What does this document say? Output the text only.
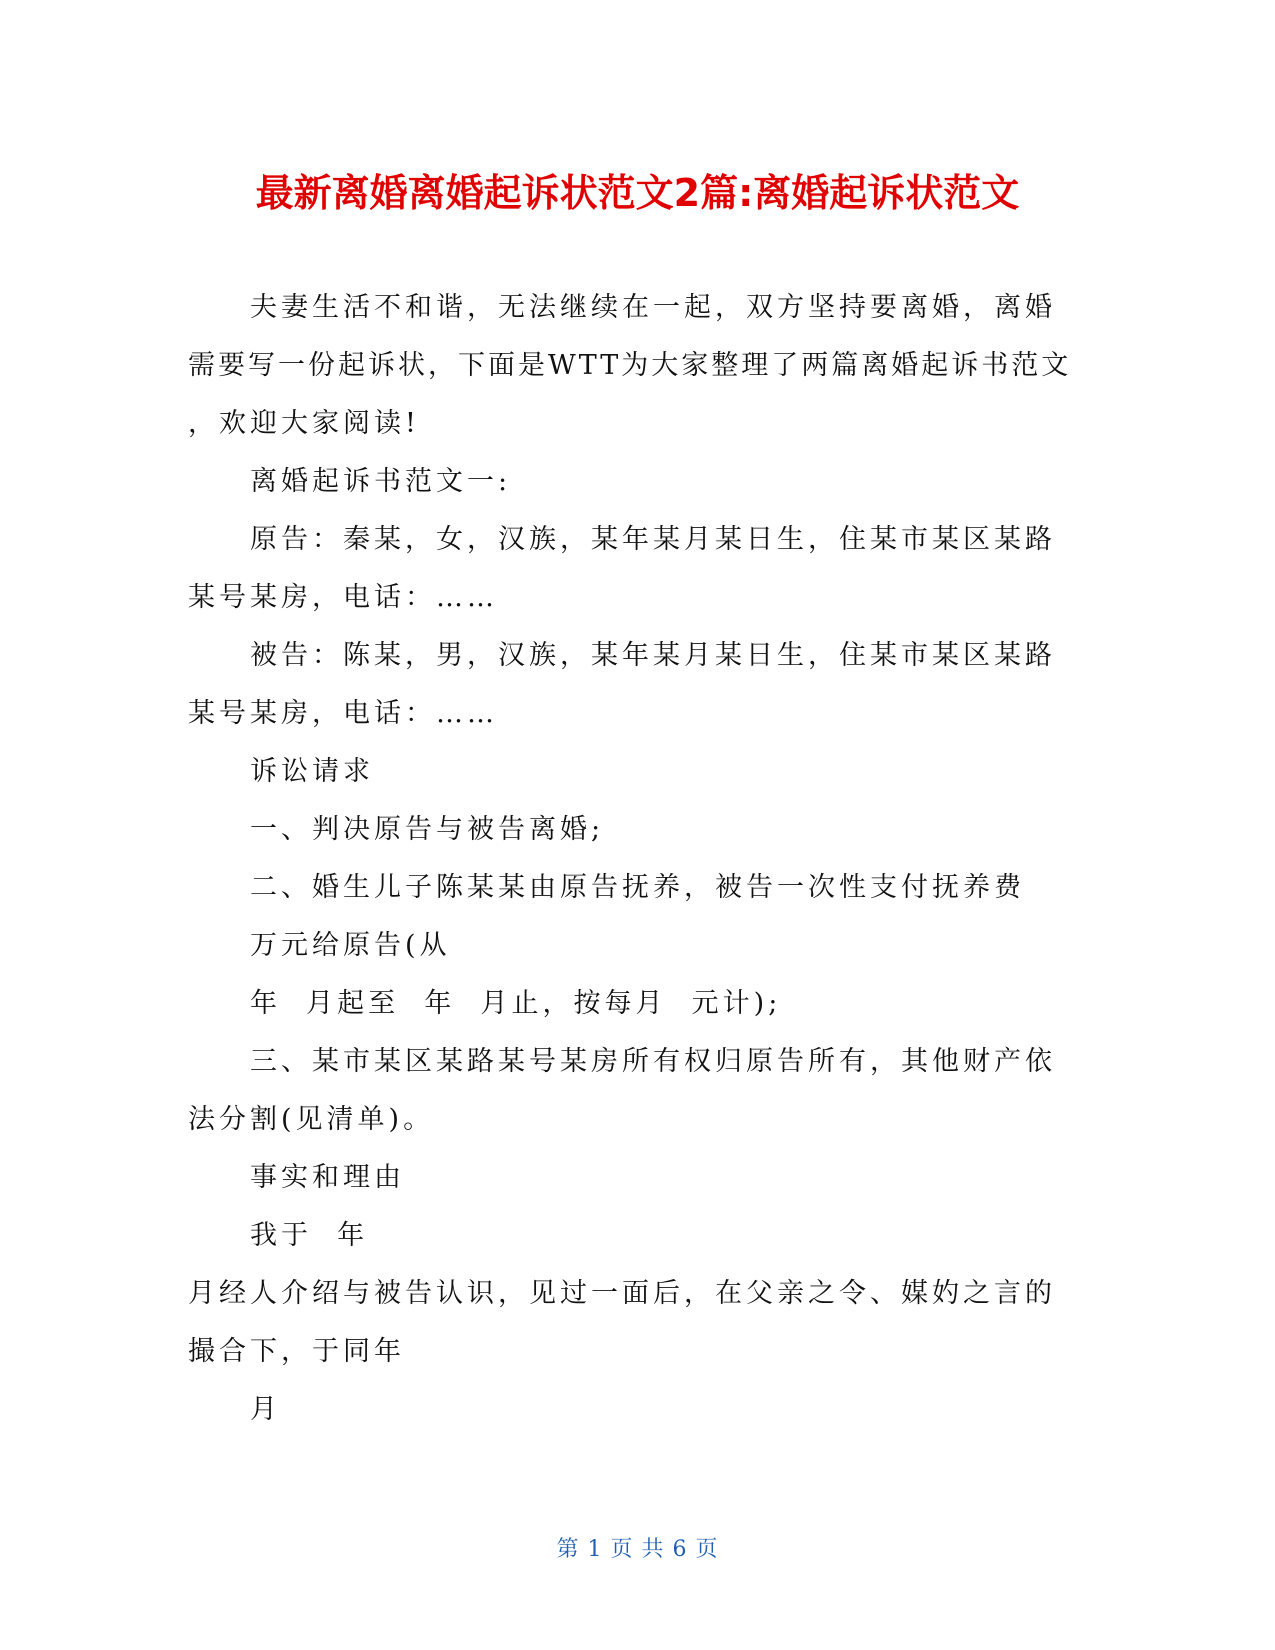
最新离婚离婚起诉状范文2篇:离婚起诉状范文
夫妻生活不和谐，无法继续在一起，双方坚持要离婚，离婚
需要写一份起诉状，下面是WTT为大家整理了两篇离婚起诉书范文
，欢迎大家阅读!
离婚起诉书范文一:
原告：秦某，女，汉族，某年某月某日生，住某市某区某路
某号某房，电话：……
被告：陈某，男，汉族，某年某月某日生，住某市某区某路
某号某房，电话：……
诉讼请求
一、判决原告与被告离婚;
二、婚生儿子陈某某由原告抚养，被告一次性支付抚养费
万元给原告(从
年  月起至  年  月止，按每月  元计);
三、某市某区某路某号某房所有权归原告所有，其他财产依
法分割(见清单)。
事实和理由
我于  年
月经人介绍与被告认识，见过一面后，在父亲之令、媒妁之言的
撮合下，于同年
月
第 1 页 共 6 页
